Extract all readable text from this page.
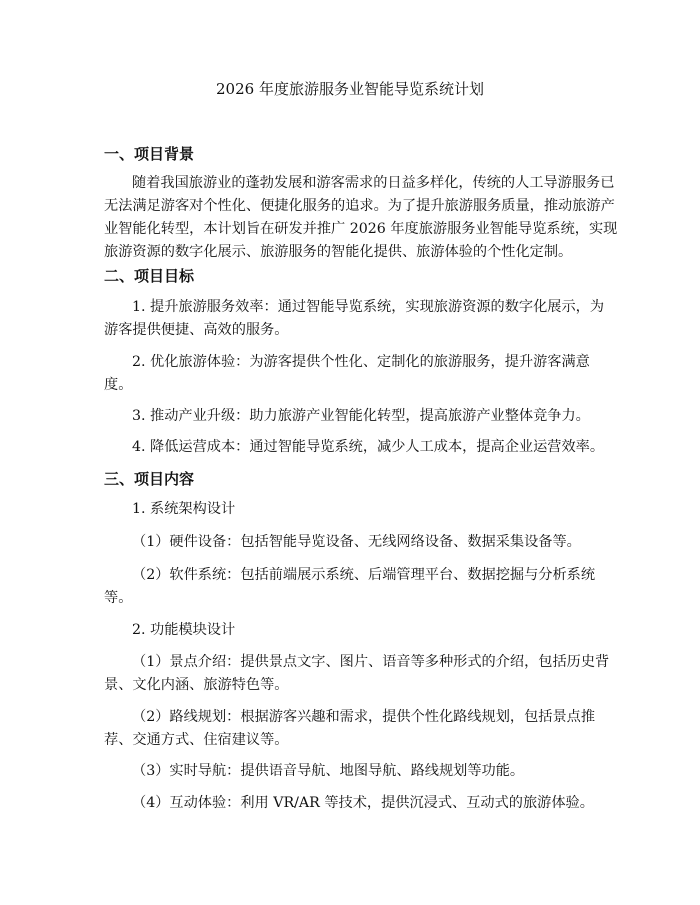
2026 年度旅游服务业智能导览系统计划
一、项目背景

随着我国旅游业的蓬勃发展和游客需求的日益多样化，传统的人工导游服务已
无法满足游客对个性化、便捷化服务的追求。为了提升旅游服务质量，推动旅游产
业智能化转型，本计划旨在研发并推广 2026 年度旅游服务业智能导览系统，实现
旅游资源的数字化展示、旅游服务的智能化提供、旅游体验的个性化定制。

二、项目目标

1. 提升旅游服务效率：通过智能导览系统，实现旅游资源的数字化展示，为
游客提供便捷、高效的服务。

2. 优化旅游体验：为游客提供个性化、定制化的旅游服务，提升游客满意
度。

3. 推动产业升级：助力旅游产业智能化转型，提高旅游产业整体竞争力。

4. 降低运营成本：通过智能导览系统，减少人工成本，提高企业运营效率。

三、项目内容

1. 系统架构设计

（1）硬件设备：包括智能导览设备、无线网络设备、数据采集设备等。

（2）软件系统：包括前端展示系统、后端管理平台、数据挖掘与分析系统
等。

2. 功能模块设计

（1）景点介绍：提供景点文字、图片、语音等多种形式的介绍，包括历史背
景、文化内涵、旅游特色等。

（2）路线规划：根据游客兴趣和需求，提供个性化路线规划，包括景点推
荐、交通方式、住宿建议等。

（3）实时导航：提供语音导航、地图导航、路线规划等功能。

（4）互动体验：利用 VR/AR 等技术，提供沉浸式、互动式的旅游体验。
